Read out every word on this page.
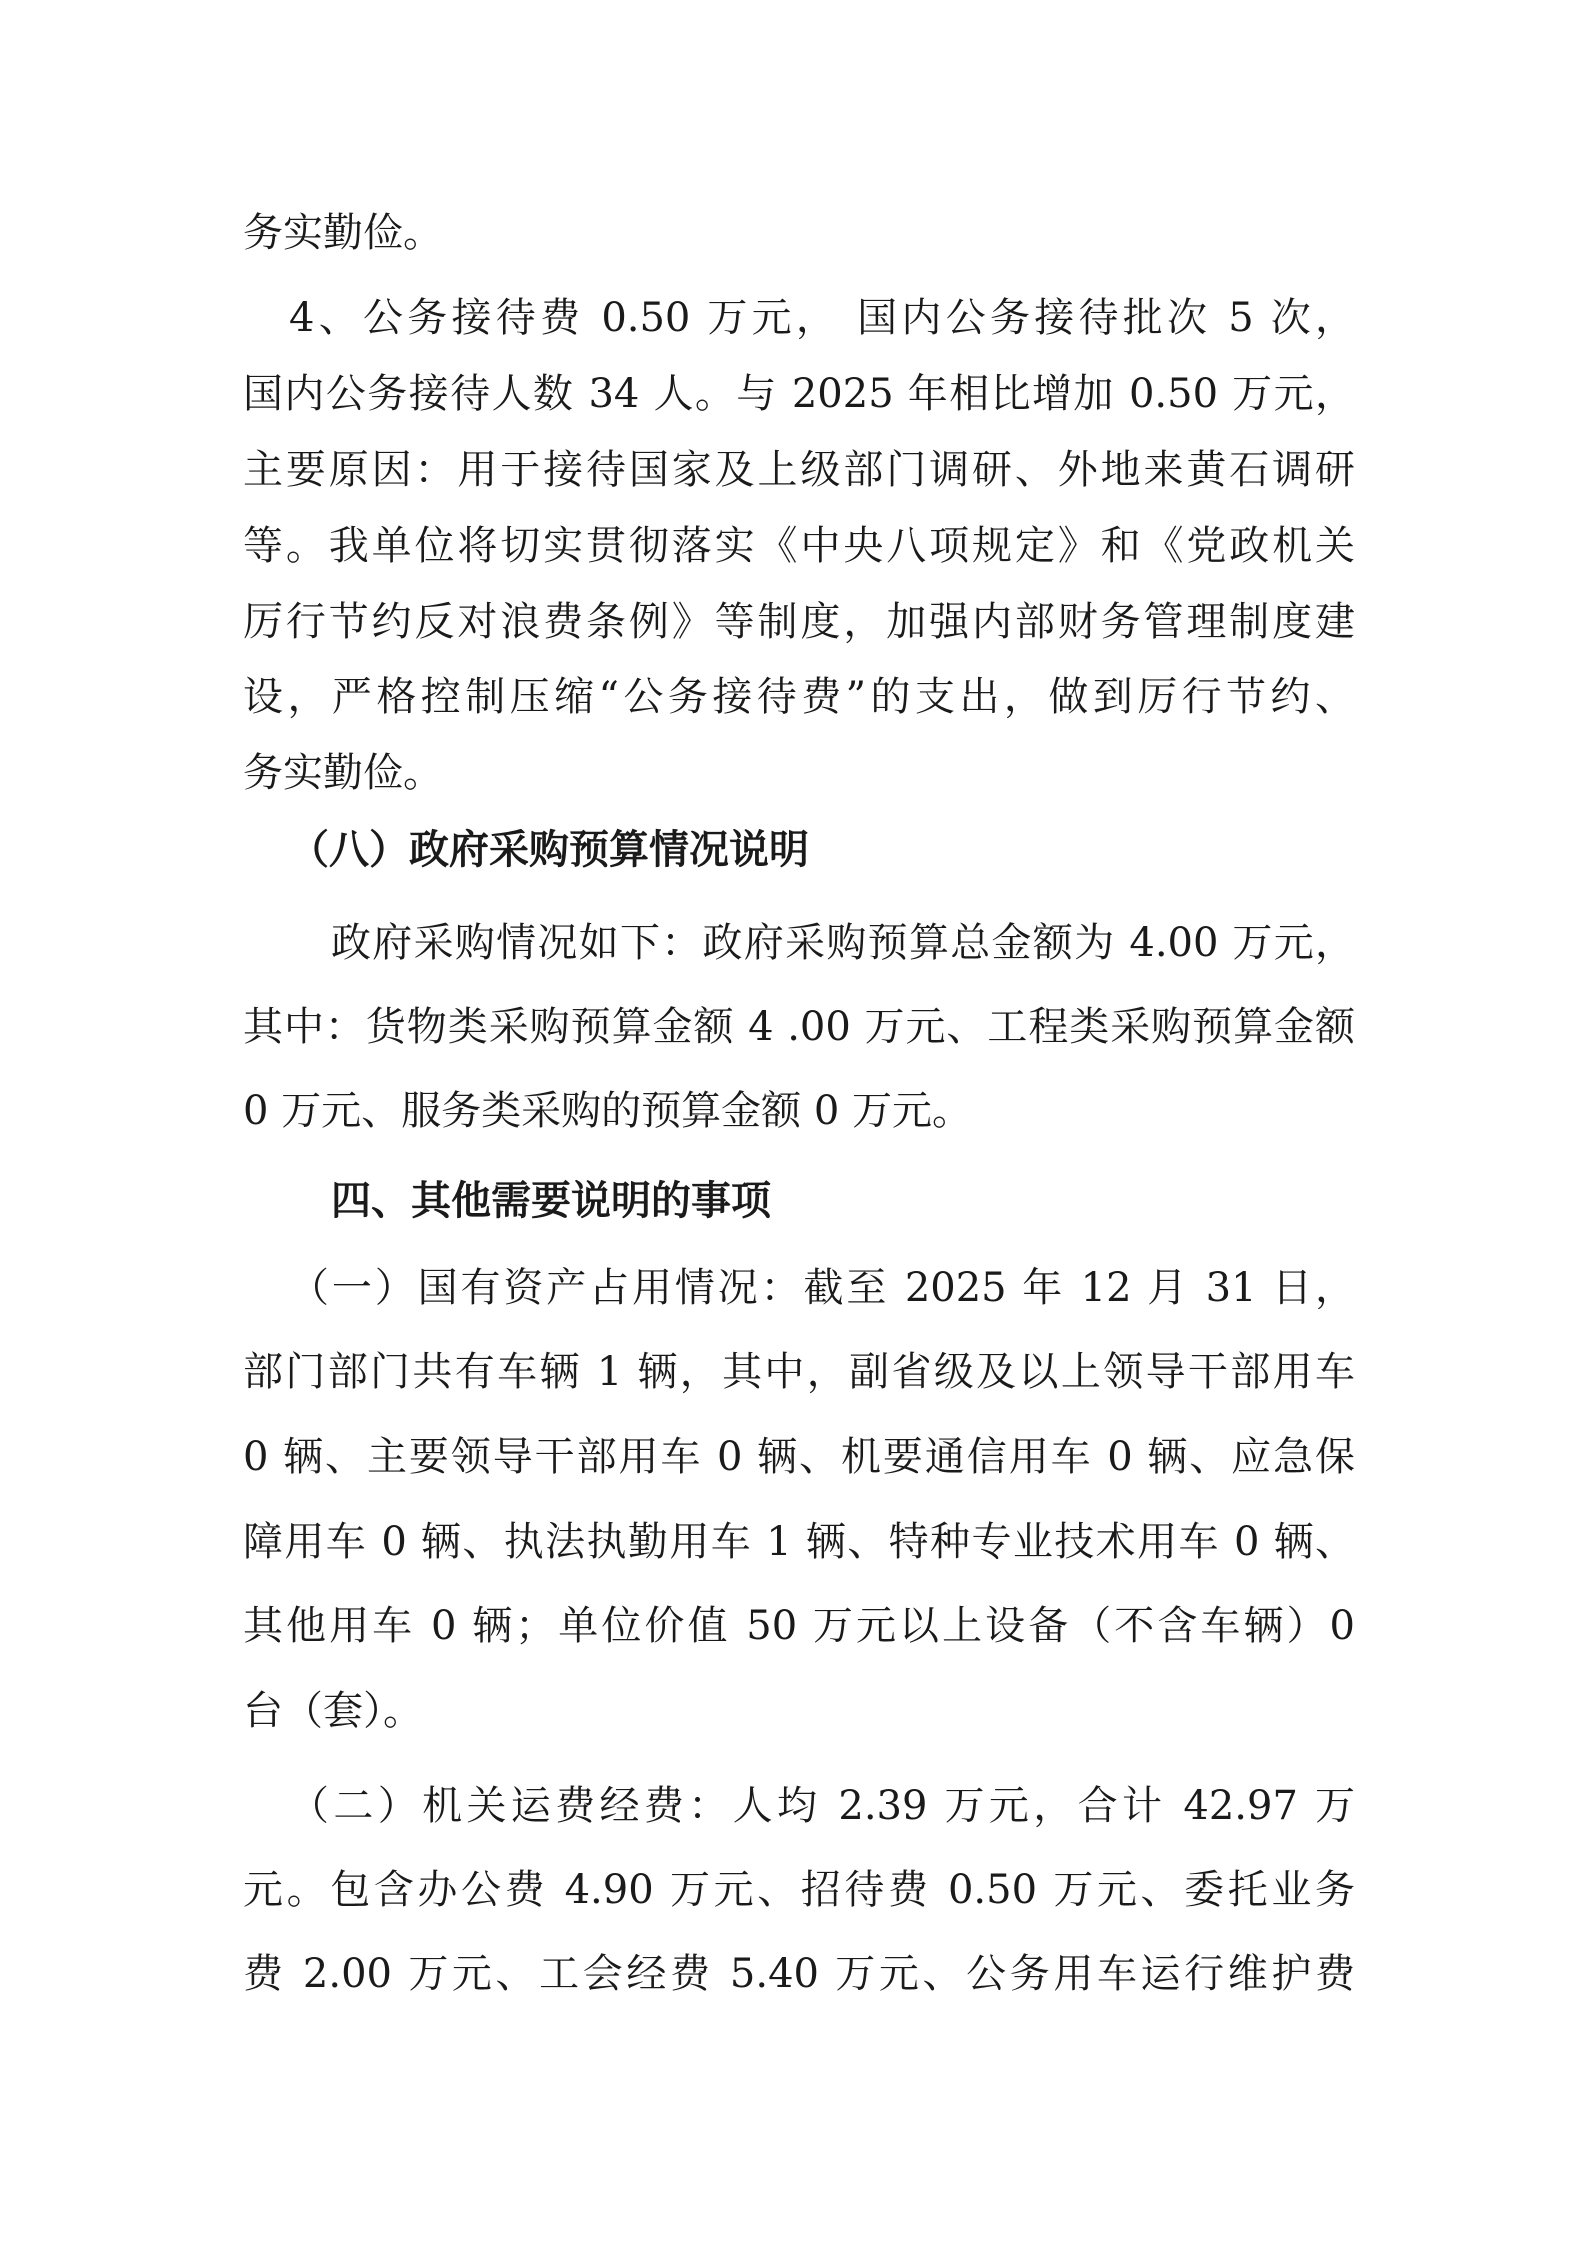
务实勤俭。
4、公务接待费 0.50 万元， 国内公务接待批次 5 次，
国内公务接待人数 34 人。与 2025 年相比增加 0.50 万元，
主要原因：用于接待国家及上级部门调研、外地来黄石调研
等。我单位将切实贯彻落实《中央八项规定》和《党政机关
厉行节约反对浪费条例》等制度，加强内部财务管理制度建
设，严格控制压缩“公务接待费”的支出，做到厉行节约、
务实勤俭。
（八）政府采购预算情况说明
政府采购情况如下：政府采购预算总金额为 4.00 万元，
其中：货物类采购预算金额 4 .00 万元、工程类采购预算金额
0 万元、服务类采购的预算金额 0 万元。
四、其他需要说明的事项
（一）国有资产占用情况：截至 2025 年 12 月 31 日，
部门部门共有车辆 1 辆，其中，副省级及以上领导干部用车
0 辆、主要领导干部用车 0 辆、机要通信用车 0 辆、应急保
障用车 0 辆、执法执勤用车 1 辆、特种专业技术用车 0 辆、
其他用车 0 辆；单位价值 50 万元以上设备（不含车辆）0
台（套）。
（二）机关运费经费：人均 2.39 万元，合计 42.97 万
元。包含办公费 4.90 万元、招待费 0.50 万元、委托业务
费 2.00 万元、工会经费 5.40 万元、公务用车运行维护费
